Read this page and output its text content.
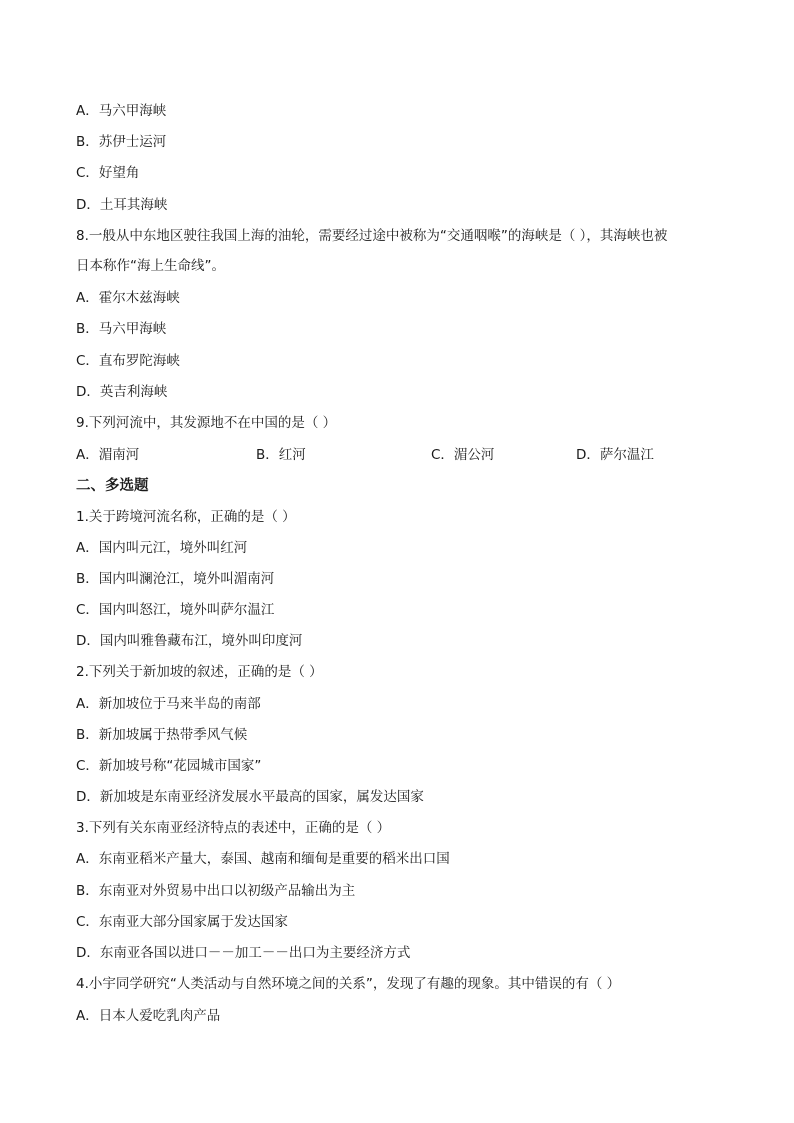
A．马六甲海峡
B．苏伊士运河
C．好望角
D．土耳其海峡
8.一般从中东地区驶往我国上海的油轮，需要经过途中被称为“交通咽喉”的海峡是（ ），其海峡也被
日本称作“海上生命线”。
A．霍尔木兹海峡
B．马六甲海峡
C．直布罗陀海峡
D．英吉利海峡
9.下列河流中，其发源地不在中国的是（ ）
A．湄南河	B．红河	C．湄公河	D．萨尔温江
二、多选题
1.关于跨境河流名称，正确的是（ ）
A．国内叫元江，境外叫红河
B．国内叫澜沧江，境外叫湄南河
C．国内叫怒江，境外叫萨尔温江
D．国内叫雅鲁藏布江，境外叫印度河
2.下列关于新加坡的叙述，正确的是（ ）
A．新加坡位于马来半岛的南部
B．新加坡属于热带季风气候
C．新加坡号称“花园城市国家”
D．新加坡是东南亚经济发展水平最高的国家，属发达国家
3.下列有关东南亚经济特点的表述中，正确的是（ ）
A．东南亚稻米产量大，泰国、越南和缅甸是重要的稻米出口国
B．东南亚对外贸易中出口以初级产品输出为主
C．东南亚大部分国家属于发达国家
D．东南亚各国以进口－－加工－－出口为主要经济方式
4.小宇同学研究“人类活动与自然环境之间的关系”，发现了有趣的现象。其中错误的有（ ）
A．日本人爱吃乳肉产品
